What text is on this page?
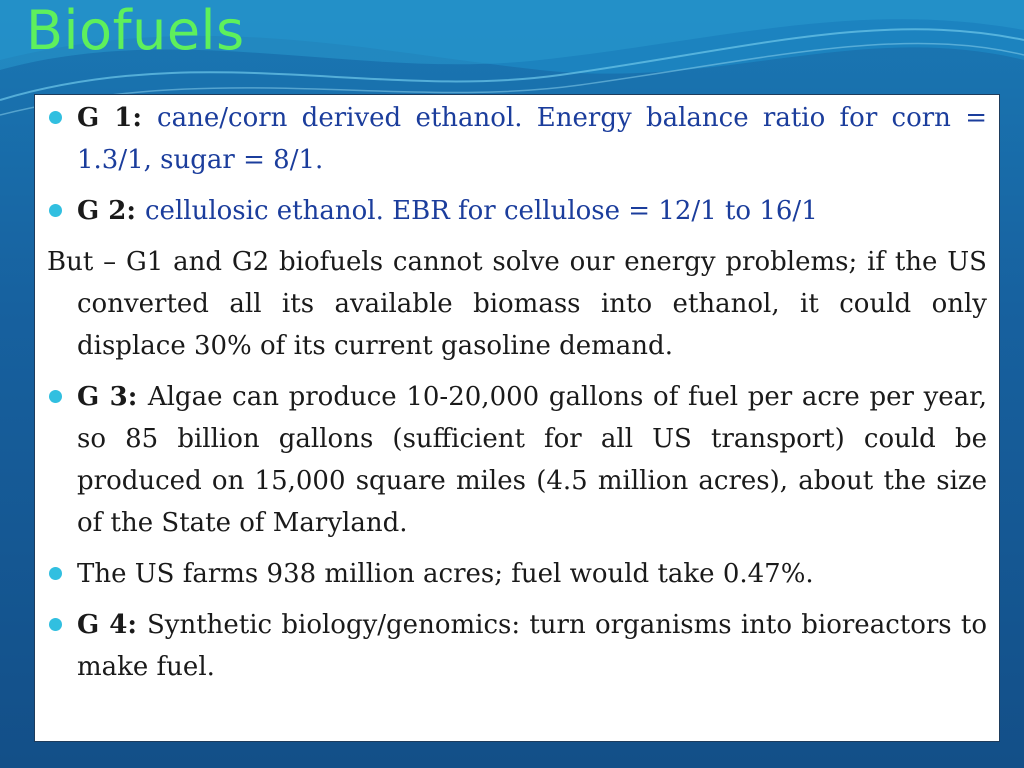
Biofuels

G 1: cane/corn derived ethanol. Energy balance ratio for corn = 1.3/1, sugar = 8/1.

G 2: cellulosic ethanol. EBR for cellulose = 12/1 to 16/1

But – G1 and G2 biofuels cannot solve our energy problems; if the US converted all its available biomass into ethanol, it could only displace 30% of its current gasoline demand.

G 3: Algae can produce 10-20,000 gallons of fuel per acre per year, so 85 billion gallons (sufficient for all US transport) could be produced on 15,000 square miles (4.5 million acres), about the size of the State of Maryland.

The US farms 938 million acres; fuel would take 0.47%.

G 4: Synthetic biology/genomics: turn organisms into bioreactors to make fuel.
